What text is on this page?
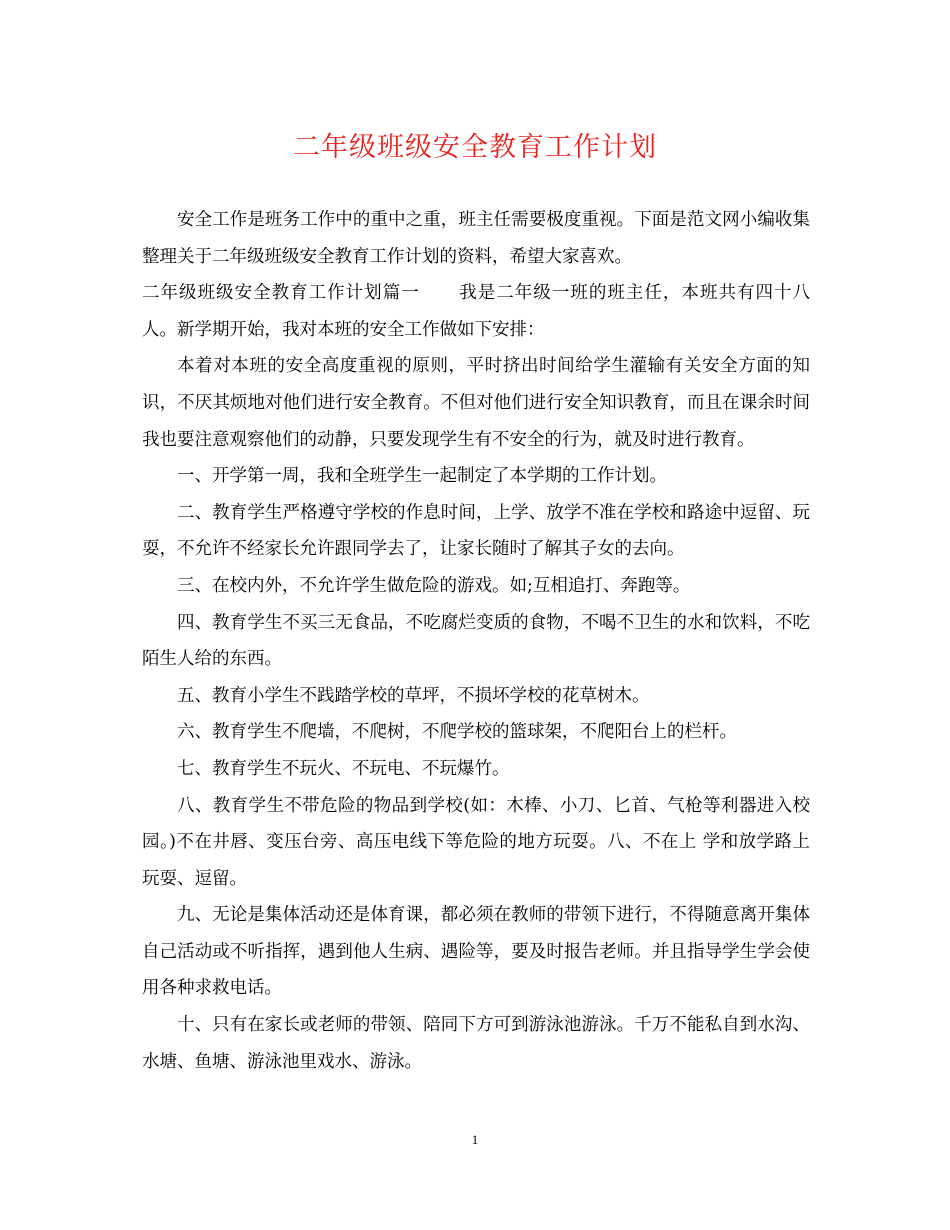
二年级班级安全教育工作计划

安全工作是班务工作中的重中之重，班主任需要极度重视。下面是范文网小编收集整理关于二年级班级安全教育工作计划的资料，希望大家喜欢。

二年级班级安全教育工作计划篇一 我是二年级一班的班主任，本班共有四十八人。新学期开始，我对本班的安全工作做如下安排：

本着对本班的安全高度重视的原则，平时挤出时间给学生灌输有关安全方面的知识，不厌其烦地对他们进行安全教育。不但对他们进行安全知识教育，而且在课余时间我也要注意观察他们的动静，只要发现学生有不安全的行为，就及时进行教育。

一、开学第一周，我和全班学生一起制定了本学期的工作计划。

二、教育学生严格遵守学校的作息时间，上学、放学不准在学校和路途中逗留、玩耍，不允许不经家长允许跟同学去了，让家长随时了解其子女的去向。

三、在校内外，不允许学生做危险的游戏。如;互相追打、奔跑等。

四、教育学生不买三无食品，不吃腐烂变质的食物，不喝不卫生的水和饮料，不吃陌生人给的东西。

五、教育小学生不践踏学校的草坪，不损坏学校的花草树木。

六、教育学生不爬墙，不爬树，不爬学校的篮球架，不爬阳台上的栏杆。

七、教育学生不玩火、不玩电、不玩爆竹。

八、教育学生不带危险的物品到学校(如：木棒、小刀、匕首、气枪等利器进入校园。)不在井唇、变压台旁、高压电线下等危险的地方玩耍。八、不在上 学和放学路上玩耍、逗留。

九、无论是集体活动还是体育课，都必须在教师的带领下进行，不得随意离开集体自己活动或不听指挥，遇到他人生病、遇险等，要及时报告老师。并且指导学生学会使用各种求救电话。

十、只有在家长或老师的带领、陪同下方可到游泳池游泳。千万不能私自到水沟、水塘、鱼塘、游泳池里戏水、游泳。

1
